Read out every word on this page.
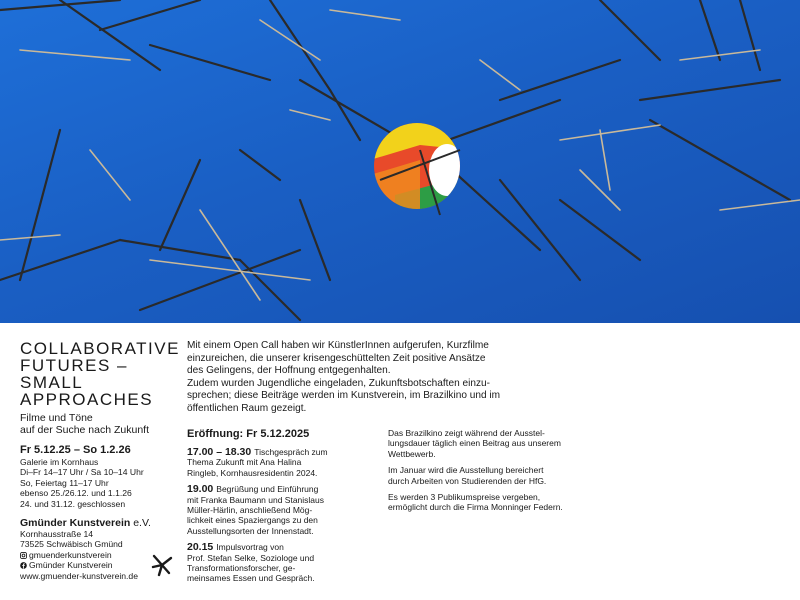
COLLABORATIVE
FUTURES –
SMALL
APPROACHES
Filme und Töne
auf der Suche nach Zukunft
Fr 5.12.25 – So 1.2.26
Galerie im Kornhaus
Di–Fr 14–17 Uhr / Sa 10–14 Uhr
So, Feiertag 11–17 Uhr
ebenso 25./26.12. und 1.1.26
24. und 31.12. geschlossen
Gmünder Kunstverein e.V.
Kornhausstraße 14
73525 Schwäbisch Gmünd
gmuenderkunstverein
Gmünder Kunstverein
www.gmuender-kunstverein.de
Mit einem Open Call haben wir KünstlerInnen aufgerufen, Kurzfilme
einzureichen, die unserer krisengeschüttelten Zeit positive Ansätze
des Gelingens, der Hoffnung entgegenhalten.
Zudem wurden Jugendliche eingeladen, Zukunftsbotschaften einzu-
sprechen; diese Beiträge werden im Kunstverein, im Brazilkino und im
öffentlichen Raum gezeigt.
Eröffnung: Fr 5.12.2025
17.00 – 18.30 Tischgespräch zum
Thema Zukunft mit Ana Halina
Ringleb, Kornhausresidentin 2024.
19.00 Begrüßung und Einführung
mit Franka Baumann und Stanislaus
Müller-Härlin, anschließend Mög-
lichkeit eines Spaziergangs zu den
Ausstellungsorten der Innenstadt.
20.15 Impulsvortrag von
Prof. Stefan Selke, Soziologe und
Transformationsforscher, ge-
meinsames Essen und Gespräch.

Das Brazilkino zeigt während der Ausstel-
lungsdauer täglich einen Beitrag aus unserem
Wettbewerb.

Im Januar wird die Ausstellung bereichert
durch Arbeiten von Studierenden der HfG.

Es werden 3 Publikumspreise vergeben,
ermöglicht durch die Firma Monninger Federn.
